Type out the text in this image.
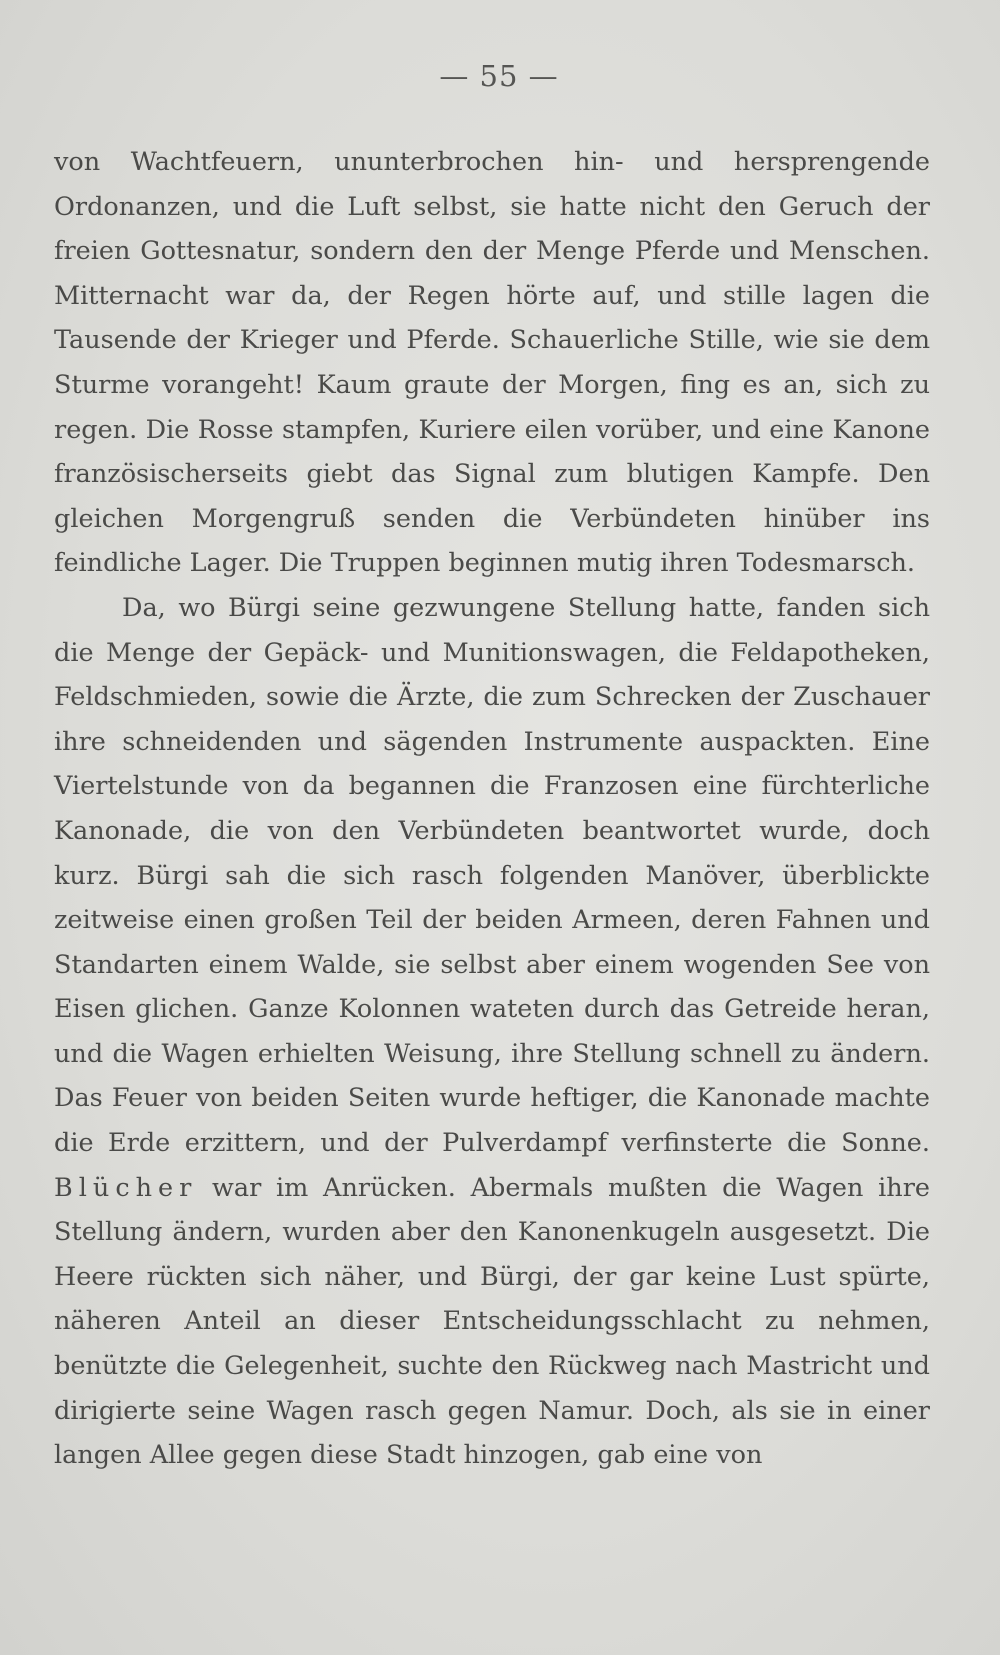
— 55 —

von Wachtfeuern, ununterbrochen hin- und hersprengende Ordonanzen, und die Luft selbst, sie hatte nicht den Geruch der freien Gottesnatur, sondern den der Menge Pferde und Menschen. Mitternacht war da, der Regen hörte auf, und stille lagen die Tausende der Krieger und Pferde. Schauerliche Stille, wie sie dem Sturme vorangeht! Kaum graute der Morgen, fing es an, sich zu regen. Die Rosse stampfen, Kuriere eilen vorüber, und eine Kanone französischerseits giebt das Signal zum blutigen Kampfe. Den gleichen Morgengruß senden die Verbündeten hinüber ins feindliche Lager. Die Truppen beginnen mutig ihren Todesmarsch.

Da, wo Bürgi seine gezwungene Stellung hatte, fanden sich die Menge der Gepäck- und Munitionswagen, die Feldapotheken, Feldschmieden, sowie die Ärzte, die zum Schrecken der Zuschauer ihre schneidenden und sägenden Instrumente auspackten. Eine Viertelstunde von da begannen die Franzosen eine fürchterliche Kanonade, die von den Verbündeten beantwortet wurde, doch kurz. Bürgi sah die sich rasch folgenden Manöver, überblickte zeitweise einen großen Teil der beiden Armeen, deren Fahnen und Standarten einem Walde, sie selbst aber einem wogenden See von Eisen glichen. Ganze Kolonnen wateten durch das Getreide heran, und die Wagen erhielten Weisung, ihre Stellung schnell zu ändern. Das Feuer von beiden Seiten wurde heftiger, die Kanonade machte die Erde erzittern, und der Pulverdampf verfinsterte die Sonne. Blücher war im Anrücken. Abermals mußten die Wagen ihre Stellung ändern, wurden aber den Kanonenkugeln ausgesetzt. Die Heere rückten sich näher, und Bürgi, der gar keine Lust spürte, näheren Anteil an dieser Entscheidungsschlacht zu nehmen, benützte die Gelegenheit, suchte den Rückweg nach Mastricht und dirigierte seine Wagen rasch gegen Namur. Doch, als sie in einer langen Allee gegen diese Stadt hinzogen, gab eine von
